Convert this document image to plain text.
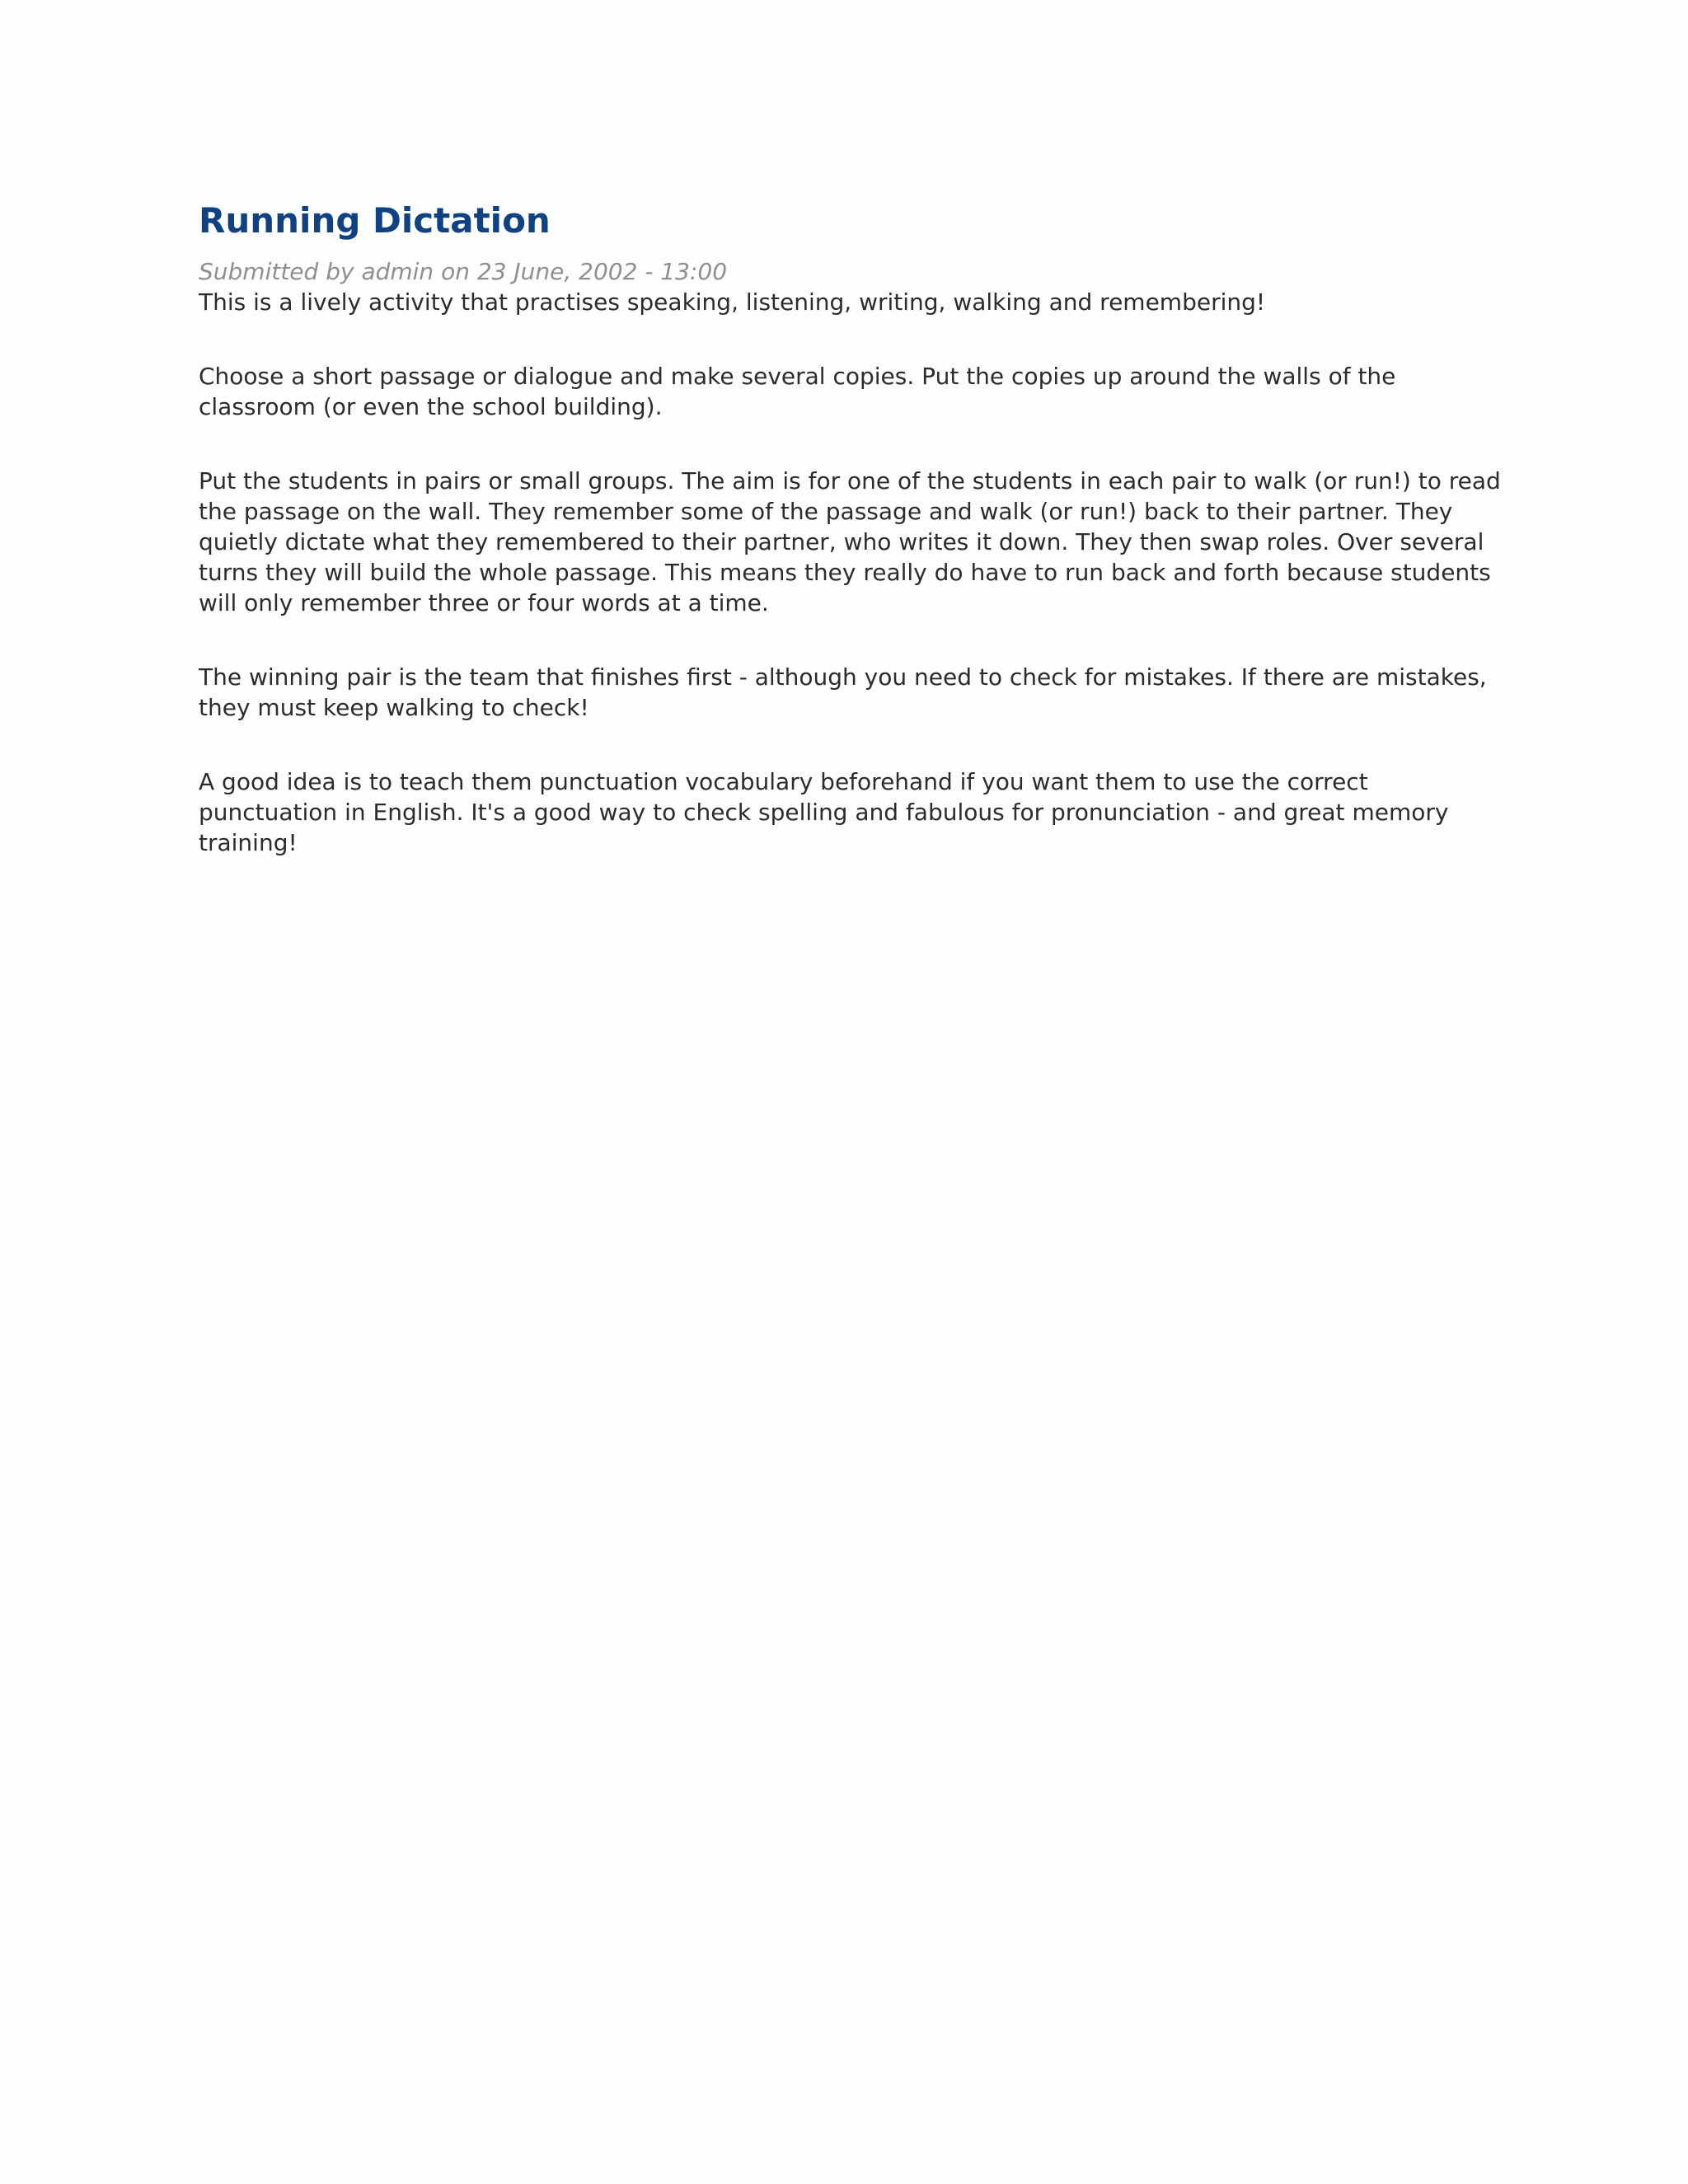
Running Dictation
Submitted by admin on 23 June, 2002 - 13:00

This is a lively activity that practises speaking, listening, writing, walking and remembering!

Choose a short passage or dialogue and make several copies. Put the copies up around the walls of the classroom (or even the school building).

Put the students in pairs or small groups. The aim is for one of the students in each pair to walk (or run!) to read the passage on the wall. They remember some of the passage and walk (or run!) back to their partner. They quietly dictate what they remembered to their partner, who writes it down. They then swap roles. Over several turns they will build the whole passage. This means they really do have to run back and forth because students will only remember three or four words at a time.

The winning pair is the team that finishes first - although you need to check for mistakes. If there are mistakes, they must keep walking to check!

A good idea is to teach them punctuation vocabulary beforehand if you want them to use the correct punctuation in English. It's a good way to check spelling and fabulous for pronunciation - and great memory training!
